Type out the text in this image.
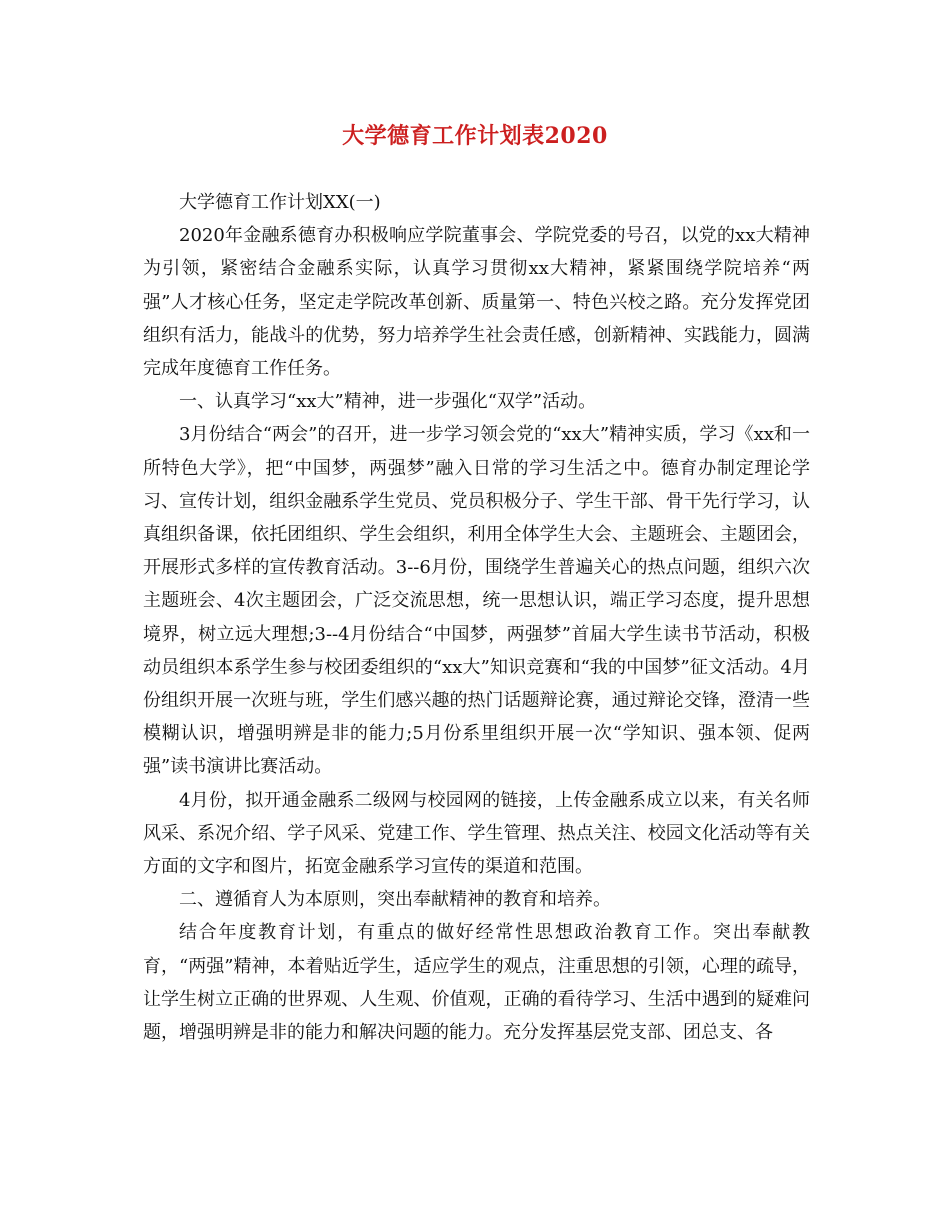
大学德育工作计划表2020

大学德育工作计划XX(一)

2020年金融系德育办积极响应学院董事会、学院党委的号召，以党的xx大精神为引领，紧密结合金融系实际，认真学习贯彻xx大精神，紧紧围绕学院培养“两强”人才核心任务，坚定走学院改革创新、质量第一、特色兴校之路。充分发挥党团组织有活力，能战斗的优势，努力培养学生社会责任感，创新精神、实践能力，圆满完成年度德育工作任务。

一、认真学习“xx大”精神，进一步强化“双学”活动。

3月份结合“两会”的召开，进一步学习领会党的“xx大”精神实质，学习《xx和一所特色大学》，把“中国梦，两强梦”融入日常的学习生活之中。德育办制定理论学习、宣传计划，组织金融系学生党员、党员积极分子、学生干部、骨干先行学习，认真组织备课，依托团组织、学生会组织，利用全体学生大会、主题班会、主题团会，开展形式多样的宣传教育活动。3--6月份，围绕学生普遍关心的热点问题，组织六次主题班会、4次主题团会，广泛交流思想，统一思想认识，端正学习态度，提升思想境界，树立远大理想;3--4月份结合“中国梦，两强梦”首届大学生读书节活动，积极动员组织本系学生参与校团委组织的“xx大”知识竞赛和“我的中国梦”征文活动。4月份组织开展一次班与班，学生们感兴趣的热门话题辩论赛，通过辩论交锋，澄清一些模糊认识，增强明辨是非的能力;5月份系里组织开展一次“学知识、强本领、促两强”读书演讲比赛活动。

4月份，拟开通金融系二级网与校园网的链接，上传金融系成立以来，有关名师风采、系况介绍、学子风采、党建工作、学生管理、热点关注、校园文化活动等有关方面的文字和图片，拓宽金融系学习宣传的渠道和范围。

二、遵循育人为本原则，突出奉献精神的教育和培养。

结合年度教育计划，有重点的做好经常性思想政治教育工作。突出奉献教育，“两强”精神，本着贴近学生，适应学生的观点，注重思想的引领，心理的疏导，让学生树立正确的世界观、人生观、价值观，正确的看待学习、生活中遇到的疑难问题，增强明辨是非的能力和解决问题的能力。充分发挥基层党支部、团总支、各
